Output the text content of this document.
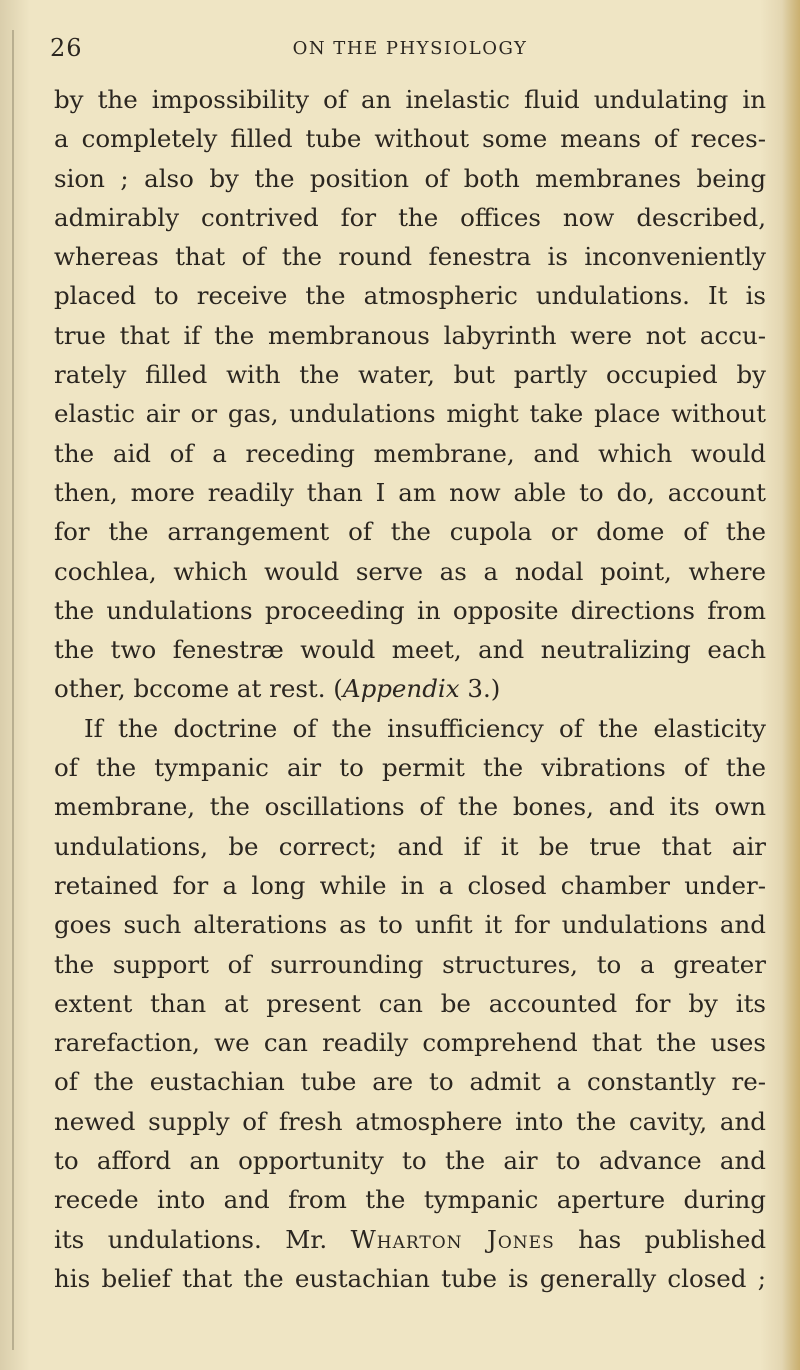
26	ON THE PHYSIOLOGY
by the impossibility of an inelastic fluid undulating in
a completely filled tube without some means of reces-
sion ; also by the position of both membranes being
admirably contrived for the offices now described,
whereas that of the round fenestra is inconveniently
placed to receive the atmospheric undulations. It is
true that if the membranous labyrinth were not accu-
rately filled with the water, but partly occupied by
elastic air or gas, undulations might take place without
the aid of a receding membrane, and which would
then, more readily than I am now able to do, account
for the arrangement of the cupola or dome of the
cochlea, which would serve as a nodal point, where
the undulations proceeding in opposite directions from
the two fenestræ would meet, and neutralizing each
other, bccome at rest. (Appendix 3.)
If the doctrine of the insufficiency of the elasticity
of the tympanic air to permit the vibrations of the
membrane, the oscillations of the bones, and its own
undulations, be correct; and if it be true that air
retained for a long while in a closed chamber under-
goes such alterations as to unfit it for undulations and
the support of surrounding structures, to a greater
extent than at present can be accounted for by its
rarefaction, we can readily comprehend that the uses
of the eustachian tube are to admit a constantly re-
newed supply of fresh atmosphere into the cavity, and
to afford an opportunity to the air to advance and
recede into and from the tympanic aperture during
its undulations. Mr. Wharton Jones has published
his belief that the eustachian tube is generally closed ;
